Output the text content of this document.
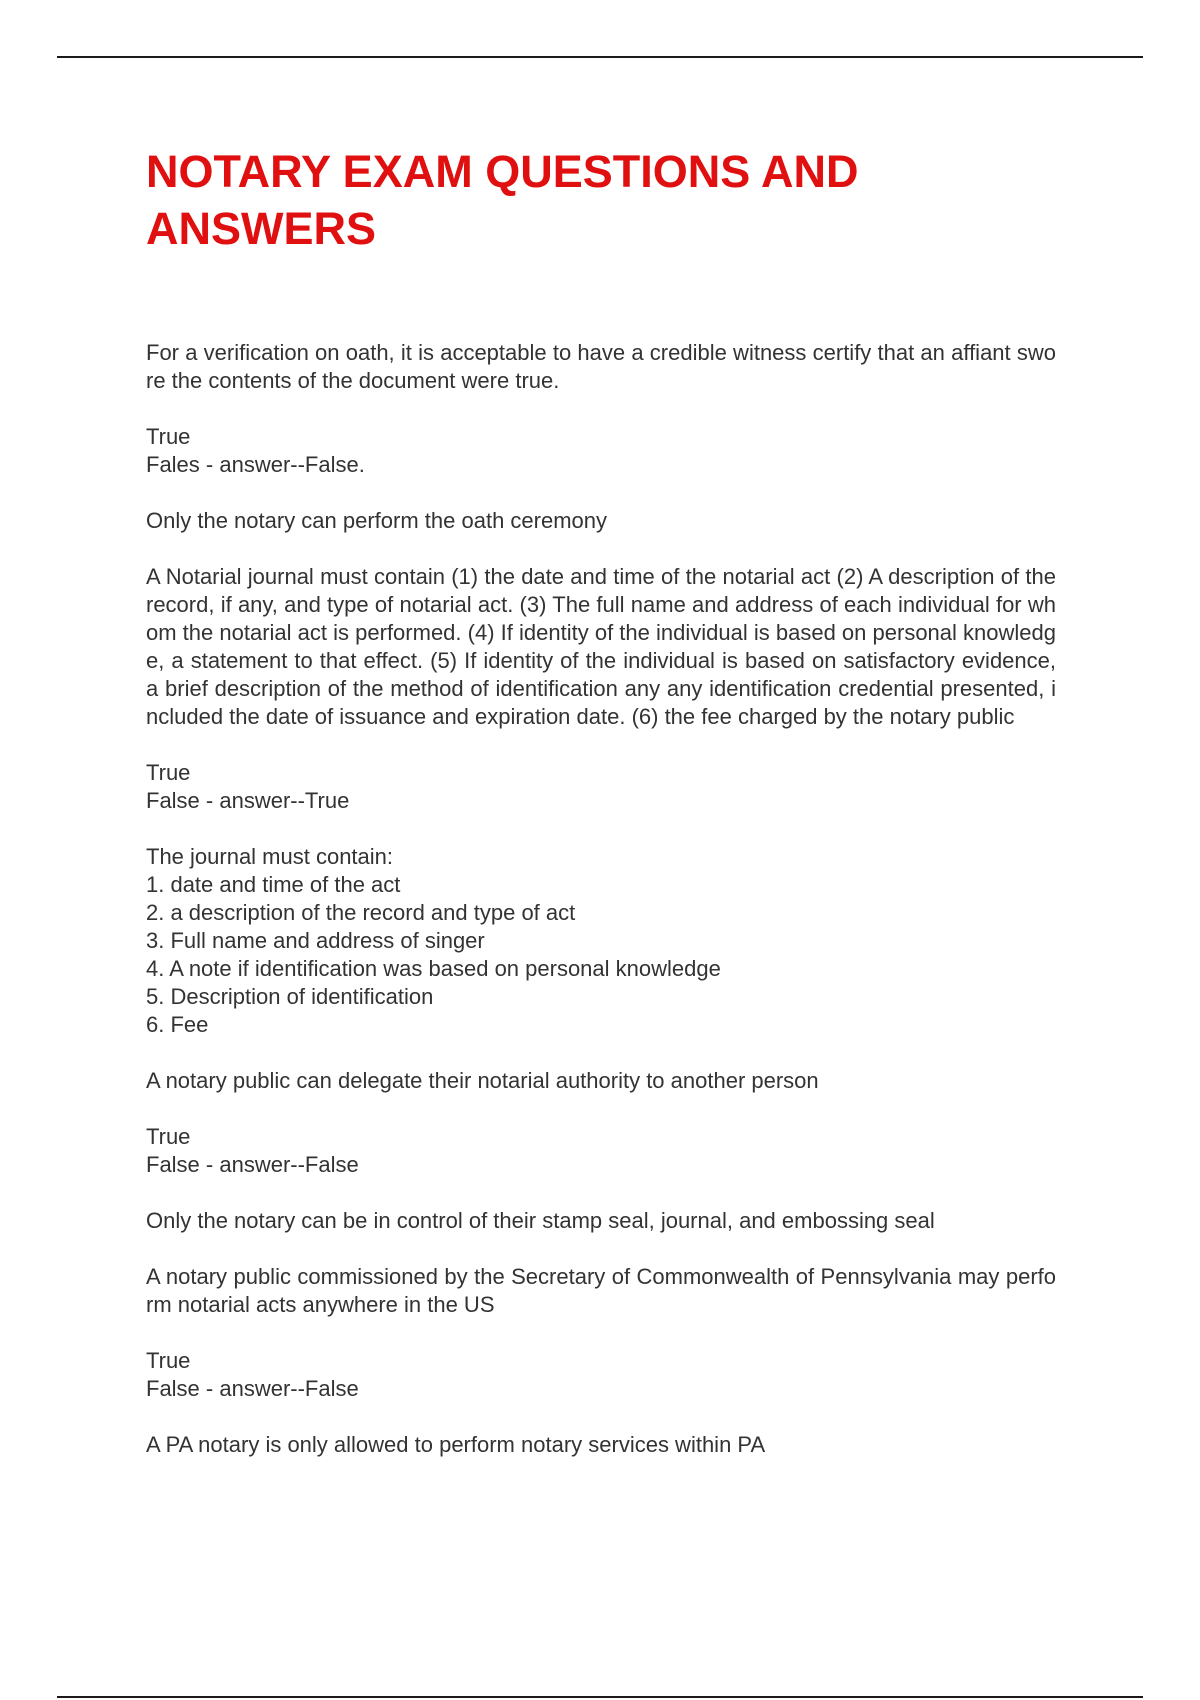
NOTARY EXAM QUESTIONS AND ANSWERS

For a verification on oath, it is acceptable to have a credible witness certify that an affiant swore the contents of the document were true.

True
Fales - answer--False.

Only the notary can perform the oath ceremony

A Notarial journal must contain (1) the date and time of the notarial act (2) A description of the record, if any, and type of notarial act. (3) The full name and address of each individual for whom the notarial act is performed. (4) If identity of the individual is based on personal knowledge, a statement to that effect. (5) If identity of the individual is based on satisfactory evidence, a brief description of the method of identification any any identification credential presented, included the date of issuance and expiration date. (6) the fee charged by the notary public

True
False - answer--True
The journal must contain:
1. date and time of the act
2. a description of the record and type of act
3. Full name and address of singer
4. A note if identification was based on personal knowledge
5. Description of identification
6. Fee

A notary public can delegate their notarial authority to another person

True
False - answer--False

Only the notary can be in control of their stamp seal, journal, and embossing seal

A notary public commissioned by the Secretary of Commonwealth of Pennsylvania may perform notarial acts anywhere in the US

True
False - answer--False

A PA notary is only allowed to perform notary services within PA
